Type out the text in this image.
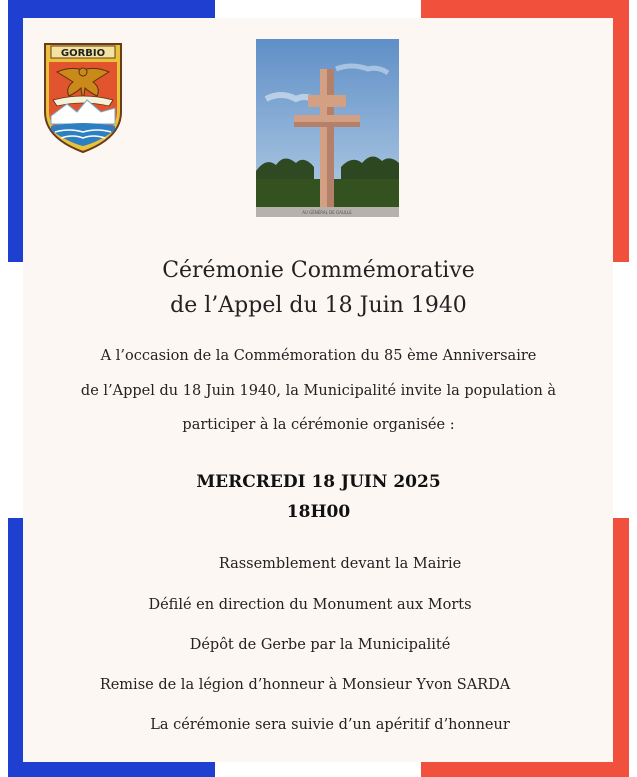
GORBIO
AU GÉNÉRAL DE GAULLE
Cérémonie Commémorative
de l’Appel du 18 Juin 1940
A l’occasion de la Commémoration du 85 ème Anniversaire
de l’Appel du 18 Juin 1940, la Municipalité invite la population à
participer à la cérémonie organisée :
MERCREDI 18 JUIN 2025
18H00
Rassemblement devant la Mairie
Défilé en direction du Monument aux Morts
Dépôt de Gerbe par la Municipalité
Remise de la légion d’honneur à Monsieur Yvon SARDA
La cérémonie sera suivie d’un apéritif d’honneur
